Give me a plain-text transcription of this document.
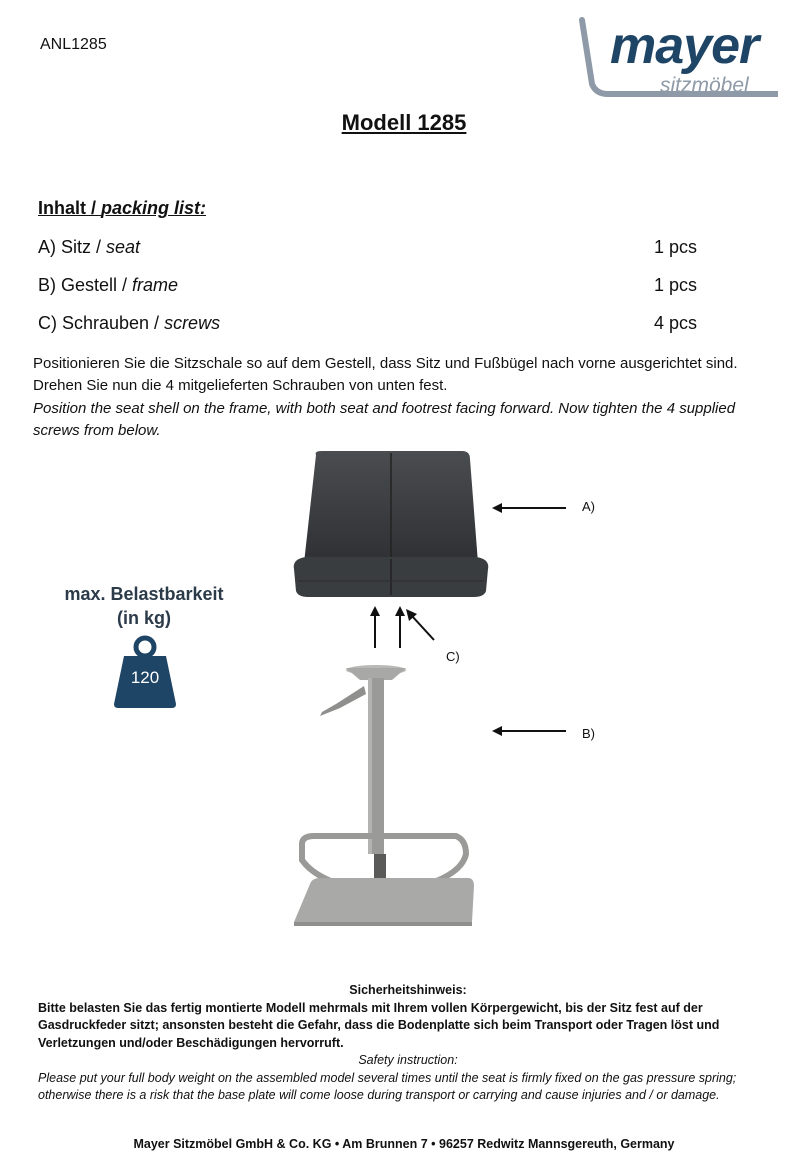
ANL1285	mayer
sitzmöbel
Modell 1285
Inhalt / packing list:
A) Sitz / seat	1 pcs
B) Gestell / frame	1 pcs
C) Schrauben / screws	4 pcs
Positionieren Sie die Sitzschale so auf dem Gestell, dass Sitz und Fußbügel nach vorne ausgerichtet sind. Drehen Sie nun die 4 mitgelieferten Schrauben von unten fest.
Position the seat shell on the frame, with both seat and footrest facing forward. Now tighten the 4 supplied screws from below.
A)
B)
C)
max. Belastbarkeit
(in kg)
120
Sicherheitshinweis:
Bitte belasten Sie das fertig montierte Modell mehrmals mit Ihrem vollen Körpergewicht, bis der Sitz fest auf der Gasdruckfeder sitzt; ansonsten besteht die Gefahr, dass die Bodenplatte sich beim Transport oder Tragen löst und Verletzungen und/oder Beschädigungen hervorruft.
Safety instruction:
Please put your full body weight on the assembled model several times until the seat is firmly fixed on the gas pressure spring; otherwise there is a risk that the base plate will come loose during transport or carrying and cause injuries and / or damage.
Mayer Sitzmöbel GmbH & Co. KG • Am Brunnen 7 • 96257 Redwitz Mannsgereuth, Germany
